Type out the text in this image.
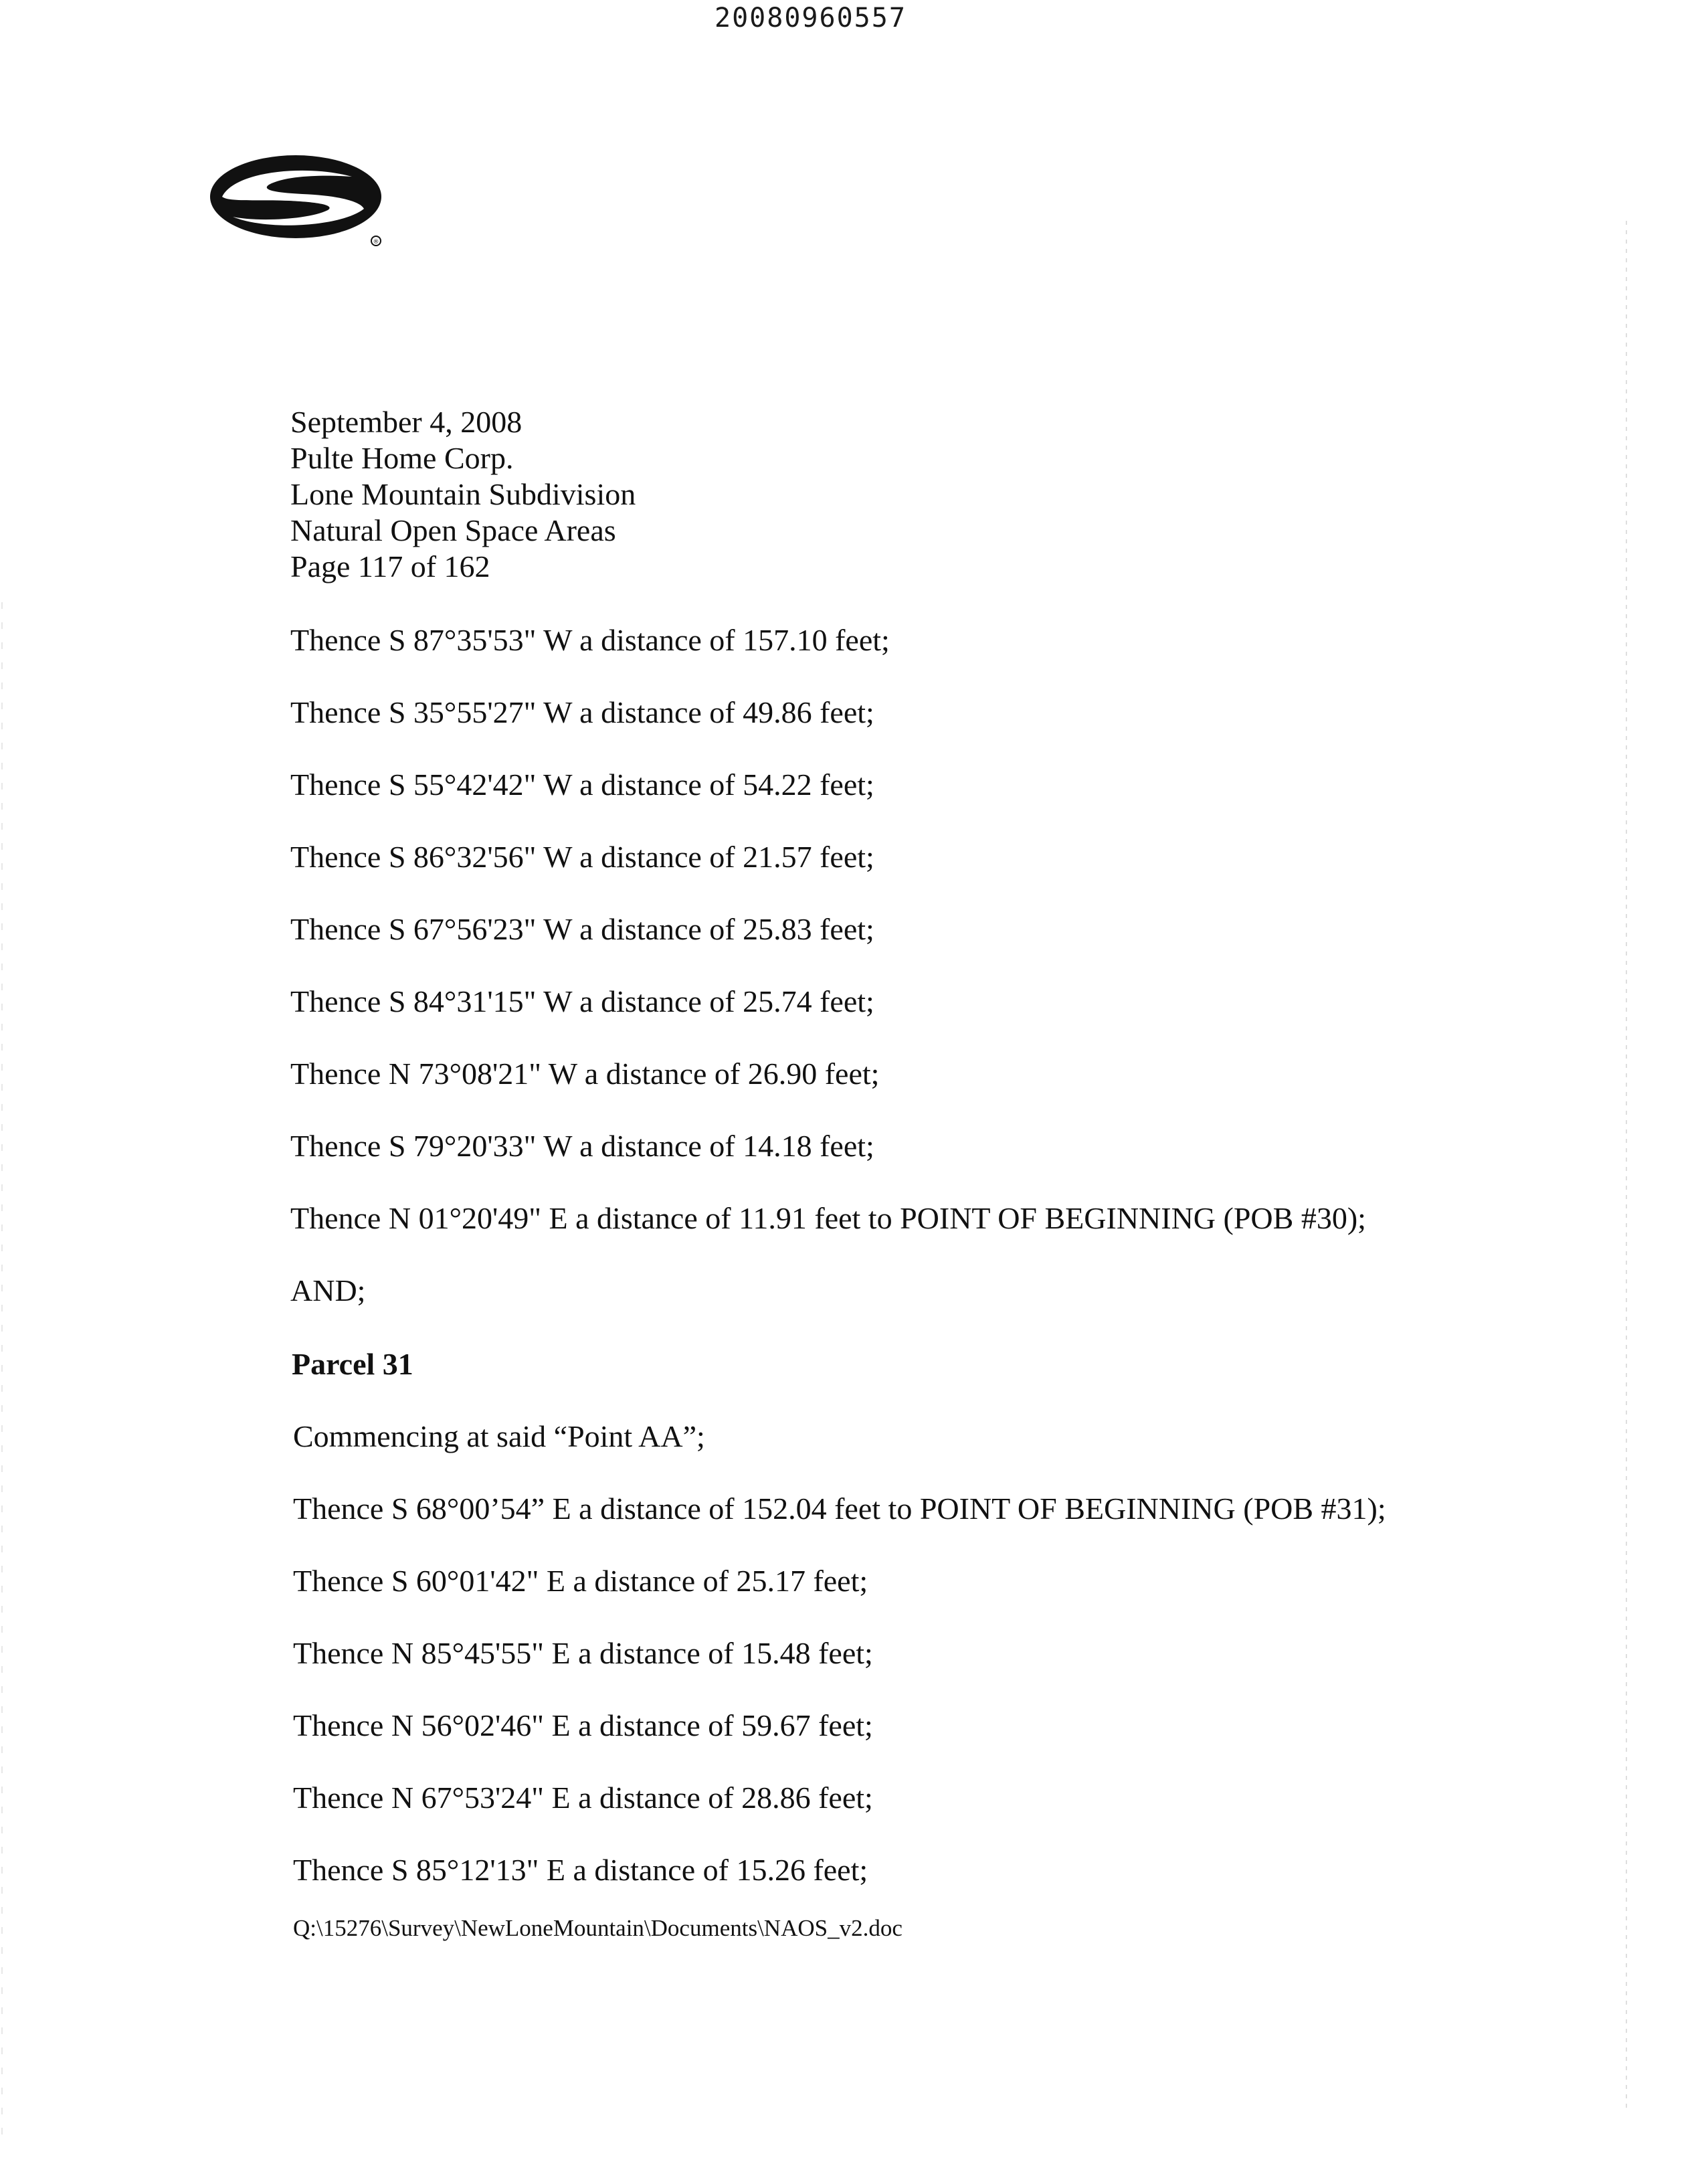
20080960557
®
September 4, 2008
Pulte Home Corp.
Lone Mountain Subdivision
Natural Open Space Areas
Page 117 of 162
Thence S 87°35'53" W a distance of 157.10 feet;
Thence S 35°55'27" W a distance of 49.86 feet;
Thence S 55°42'42" W a distance of 54.22 feet;
Thence S 86°32'56" W a distance of 21.57 feet;
Thence S 67°56'23" W a distance of 25.83 feet;
Thence S 84°31'15" W a distance of 25.74 feet;
Thence N 73°08'21" W a distance of 26.90 feet;
Thence S 79°20'33" W a distance of 14.18 feet;
Thence N 01°20'49" E a distance of 11.91 feet to POINT OF BEGINNING (POB #30);
AND;
Parcel 31
Commencing at said “Point AA”;
Thence S 68°00’54” E a distance of 152.04 feet to POINT OF BEGINNING (POB #31);
Thence S 60°01'42" E a distance of 25.17 feet;
Thence N 85°45'55" E a distance of 15.48 feet;
Thence N 56°02'46" E a distance of 59.67 feet;
Thence N 67°53'24" E a distance of 28.86 feet;
Thence S 85°12'13" E a distance of 15.26 feet;
Q:\15276\Survey\NewLoneMountain\Documents\NAOS_v2.doc
